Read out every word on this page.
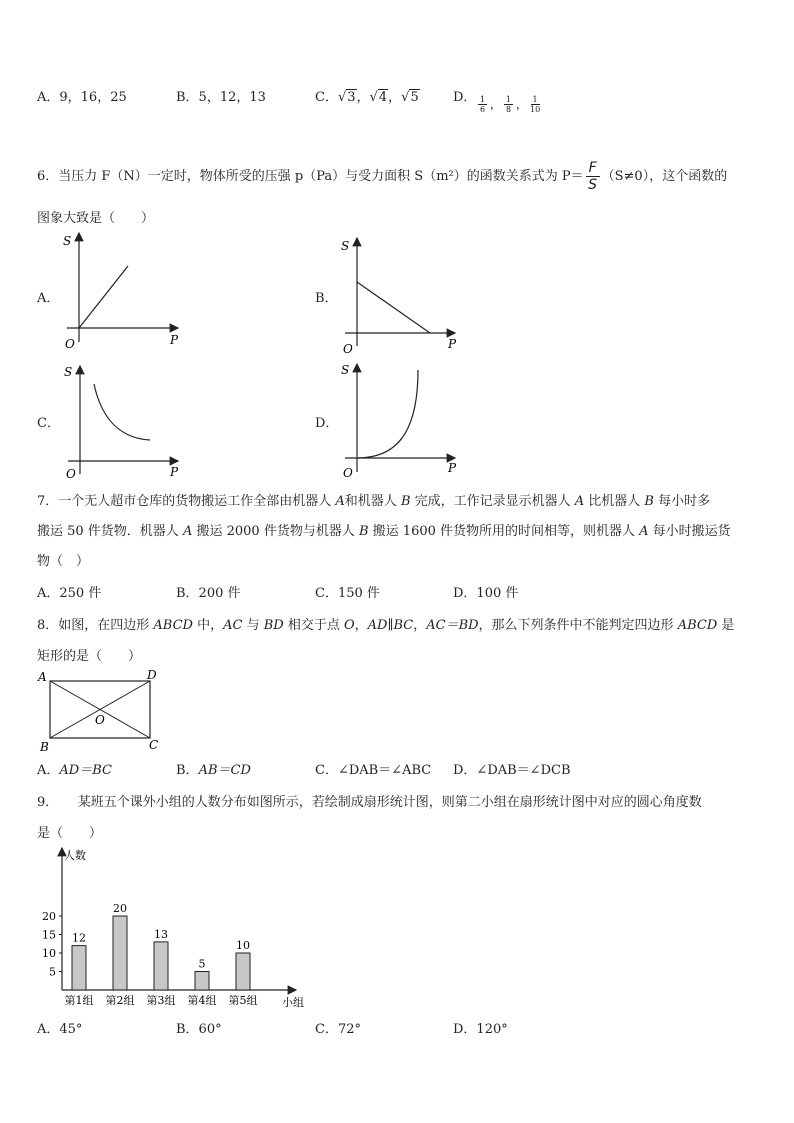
A．9，16，25	B．5，12，13	C．√3，√4，√5	D． $\frac{1}{6}$ ， $\frac{1}{8}$ ， $\frac{1}{10}$
6．当压力 F（N）一定时，物体所受的压强 p（Pa）与受力面积 S（m²）的函数关系式为 $P= \frac{F}{S} (S\ne 0)$，这个函数的
图象大致是（　　）
A．	B．
C．	D．
S
P
O
S
P
O
S
P
O
S
P
O
7．一个无人超市仓库的货物搬运工作全部由机器人 A和机器人 B 完成，工作记录显示机器人 A 比机器人 B 每小时多
搬运 50 件货物．机器人 A 搬运 2000 件货物与机器人 B 搬运 1600 件货物所用的时间相等，则机器人 A 每小时搬运货
物（　）
A．250 件	B．200 件	C．150 件	D．100 件
8．如图，在四边形 ABCD 中，AC 与 BD 相交于点 O，AD∥BC，AC＝BD，那么下列条件中不能判定四边形 ABCD 是
矩形的是（　　）
A	D
B	C
O
A．AD＝BC	B．AB＝CD	C．∠DAB＝∠ABC D．∠DAB＝∠DCB
9．　　某班五个课外小组的人数分布如图所示，若绘制成扇形统计图，则第二小组在扇形统计图中对应的圆心角度数
是（　　）
人数
小组
5
10
15
20
12
第1组
20
第2组
13
第3组
5
第4组
10
第5组
A．45°	B．60°	C．72°	D．120°
